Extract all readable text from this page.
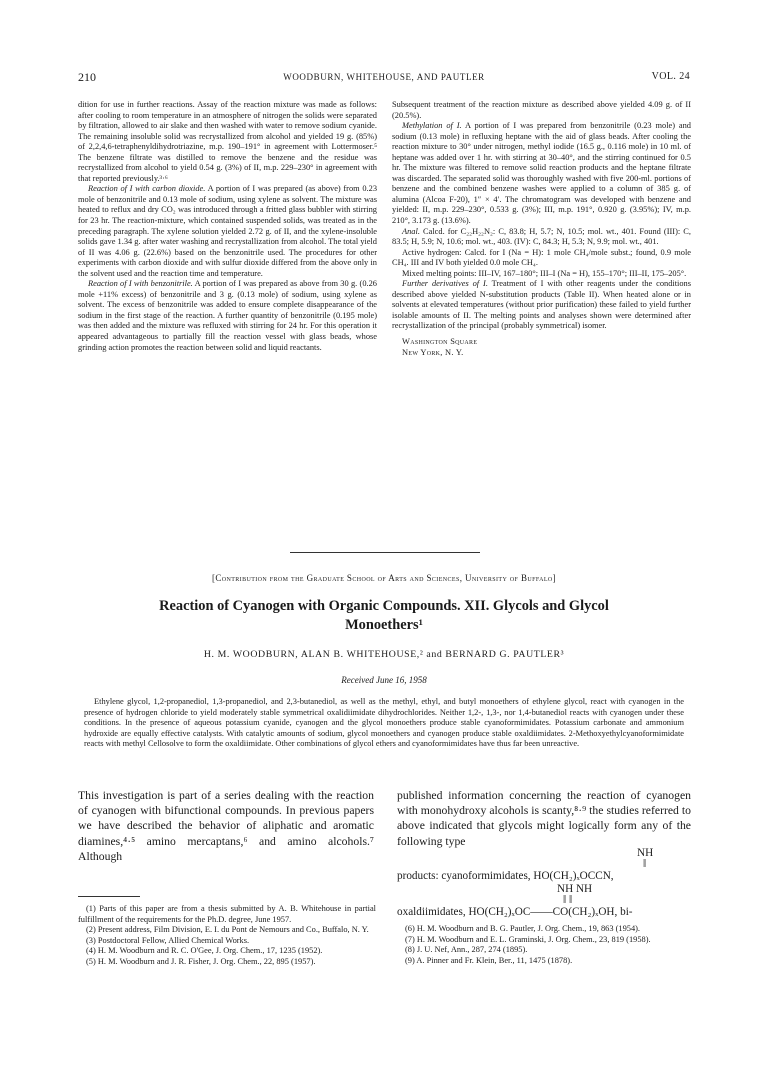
210	WOODBURN, WHITEHOUSE, AND PAUTLER	VOL. 24

dition for use in further reactions. Assay of the reaction mixture was made as follows: after cooling to room temperature in an atmosphere of nitrogen the solids were separated by filtration, allowed to air slake and then washed with water to remove sodium cyanide. The remaining insoluble solid was recrystallized from alcohol and yielded 19 g. (85%) of 2,2,4,6-tetraphenyldihydrotriazine, m.p. 190–191° in agreement with Lottermoser.⁵ The benzene filtrate was distilled to remove the benzene and the residue was recrystallized from alcohol to yield 0.54 g. (3%) of II, m.p. 229–230° in agreement with that reported previously.³·⁶

Reaction of I with carbon dioxide. A portion of I was prepared (as above) from 0.23 mole of benzonitrile and 0.13 mole of sodium, using xylene as solvent. The mixture was heated to reflux and dry CO₂ was introduced through a fritted glass bubbler with stirring for 23 hr. The reaction-mixture, which contained suspended solids, was treated as in the preceding paragraph. The xylene solution yielded 2.72 g. of II, and the xylene-insoluble solids gave 1.34 g. after water washing and recrystallization from alcohol. The total yield of II was 4.06 g. (22.6%) based on the benzonitrile used. The procedures for other experiments with carbon dioxide and with sulfur dioxide differed from the above only in the solvent used and the reaction time and temperature.

Reaction of I with benzonitrile. A portion of I was prepared as above from 30 g. (0.26 mole +11% excess) of benzonitrile and 3 g. (0.13 mole) of sodium, using xylene as solvent. The excess of benzonitrile was added to ensure complete disappearance of the sodium in the first stage of the reaction. A further quantity of benzonitrile (0.195 mole) was then added and the mixture was refluxed with stirring for 24 hr. For this operation it appeared advantageous to partially fill the reaction vessel with glass beads, whose grinding action promotes the reaction between solid and liquid reactants.

Subsequent treatment of the reaction mixture as described above yielded 4.09 g. of II (20.5%).

Methylation of I. A portion of I was prepared from benzonitrile (0.23 mole) and sodium (0.13 mole) in refluxing heptane with the aid of glass beads. After cooling the reaction mixture to 30° under nitrogen, methyl iodide (16.5 g., 0.116 mole) in 10 ml. of heptane was added over 1 hr. with stirring at 30–40°, and the stirring continued for 0.5 hr. The mixture was filtered to remove solid reaction products and the heptane filtrate was discarded. The separated solid was thoroughly washed with five 200-ml. portions of benzene and the combined benzene washes were applied to a column of 385 g. of alumina (Alcoa F-20), 1″ × 4′. The chromatogram was developed with benzene and yielded: II, m.p. 229–230°, 0.533 g. (3%); III, m.p. 191°, 0.920 g. (3.95%); IV, m.p. 210°, 3.173 g. (13.6%).

Anal. Calcd. for C₂₂H₂₂N₂: C, 83.8; H, 5.7; N, 10.5; mol. wt., 401. Found (III): C, 83.5; H, 5.9; N, 10.6; mol. wt., 403. (IV): C, 84.3; H, 5.3; N, 9.9; mol. wt., 401.

Active hydrogen: Calcd. for I (Na = H): 1 mole CH₄/mole subst.; found, 0.9 mole CH₄. III and IV both yielded 0.0 mole CH₄.

Mixed melting points: III–IV, 167–180°; III–I (Na = H), 155–170°; III–II, 175–205°.

Further derivatives of I. Treatment of I with other reagents under the conditions described above yielded N-substitution products (Table II). When heated alone or in solvents at elevated temperatures (without prior purification) these failed to yield further isolable amounts of II. The melting points and analyses shown were determined after recrystallization of the principal (probably symmetrical) isomer.

Washington Square
New York, N. Y.
[Contribution from the Graduate School of Arts and Sciences, University of Buffalo]
Reaction of Cyanogen with Organic Compounds. XII. Glycols and Glycol
Monoethers¹
H. M. WOODBURN, ALAN B. WHITEHOUSE,² and BERNARD G. PAUTLER³
Received June 16, 1958
Ethylene glycol, 1,2-propanediol, 1,3-propanediol, and 2,3-butanediol, as well as the methyl, ethyl, and butyl monoethers of ethylene glycol, react with cyanogen in the presence of hydrogen chloride to yield moderately stable symmetrical oxalidiimidate dihydrochlorides. Neither 1,2-, 1,3-, nor 1,4-butanediol reacts with cyanogen under these conditions. In the presence of aqueous potassium cyanide, cyanogen and the glycol monoethers produce stable cyanoformimidates. Potassium carbonate and ammonium hydroxide are equally effective catalysts. With catalytic amounts of sodium, glycol monoethers and cyanogen produce stable oxaldiimidates. 2-Methoxyethylcyanoformimidate reacts with methyl Cellosolve to form the oxaldiimidate. Other combinations of glycol ethers and cyanoformimidates have thus far been unreactive.

This investigation is part of a series dealing with the reaction of cyanogen with bifunctional compounds. In previous papers we have described the behavior of aliphatic and aromatic diamines,⁴·⁵ amino mercaptans,⁶ and amino alcohols.⁷ Although

published information concerning the reaction of cyanogen with monohydroxy alcohols is scanty,⁸·⁹ the studies referred to above indicated that glycols might logically form any of the following type

NH
‖
products: cyanoformimidates, HO(CH₂)ₓOCCN,
NH NH
‖ ‖
oxaldiimidates, HO(CH₂)ₓOC——CO(CH₂)ₓOH, bi-

(1) Parts of this paper are from a thesis submitted by A. B. Whitehouse in partial fulfillment of the requirements for the Ph.D. degree, June 1957.

(2) Present address, Film Division, E. I. du Pont de Nemours and Co., Buffalo, N. Y.

(3) Postdoctoral Fellow, Allied Chemical Works.

(4) H. M. Woodburn and R. C. O'Gee, J. Org. Chem., 17, 1235 (1952).

(5) H. M. Woodburn and J. R. Fisher, J. Org. Chem., 22, 895 (1957).

(6) H. M. Woodburn and B. G. Pautler, J. Org. Chem., 19, 863 (1954).

(7) H. M. Woodburn and E. L. Graminski, J. Org. Chem., 23, 819 (1958).

(8) J. U. Nef, Ann., 287, 274 (1895).

(9) A. Pinner and Fr. Klein, Ber., 11, 1475 (1878).
